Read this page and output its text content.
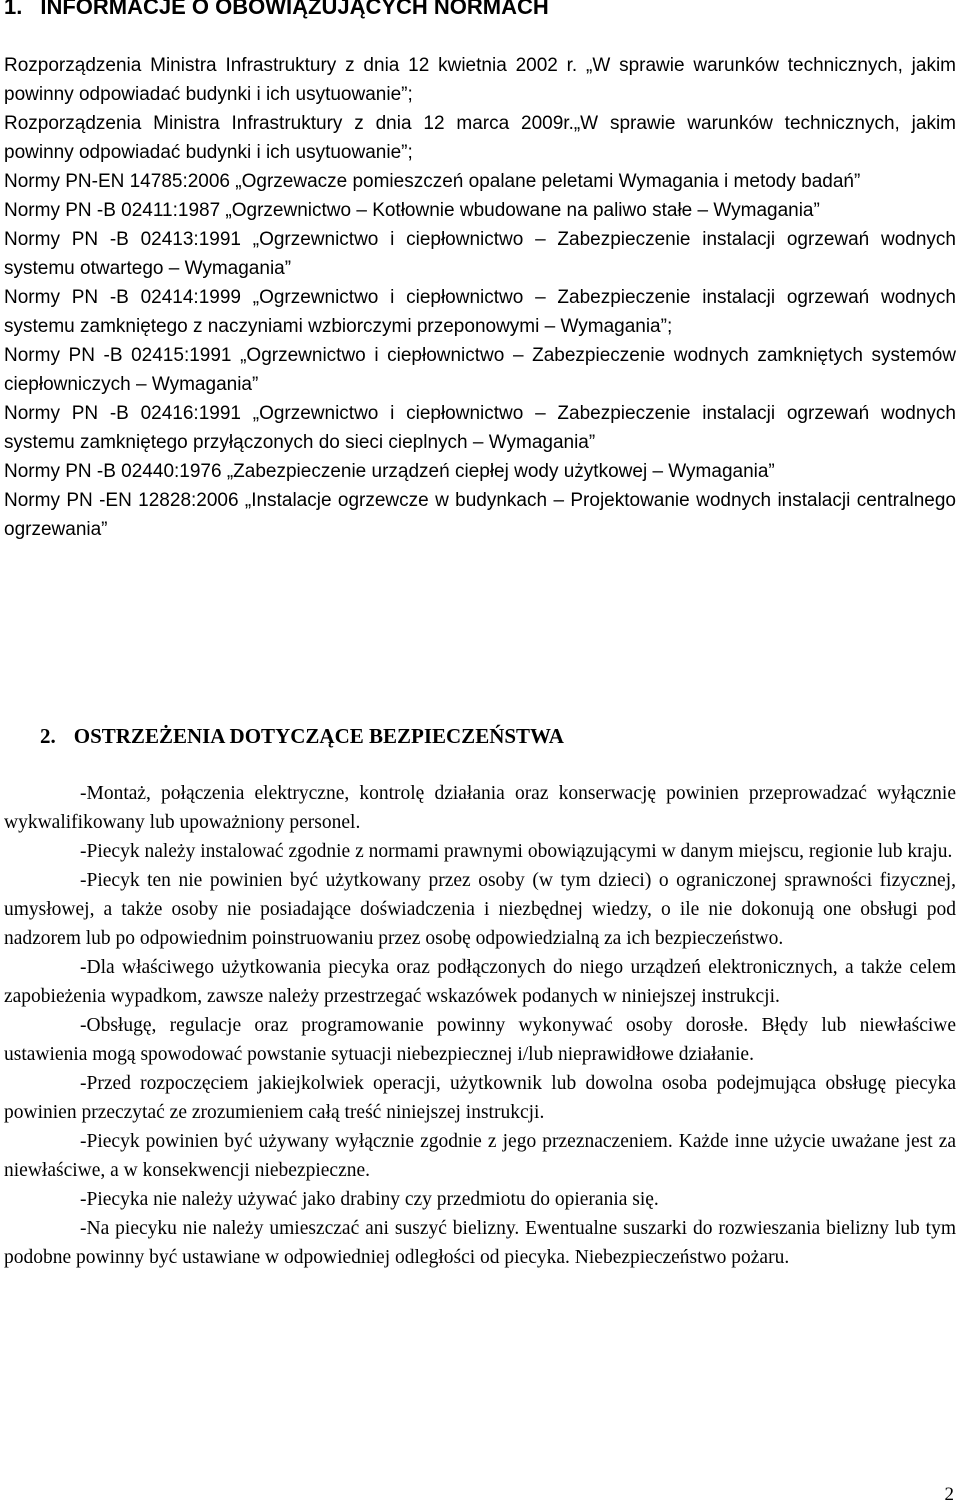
1. INFORMACJE O OBOWIĄZUJĄCYCH NORMACH
Rozporządzenia Ministra Infrastruktury z dnia 12 kwietnia 2002 r. „W sprawie warunków technicznych, jakim powinny odpowiadać budynki i ich usytuowanie”;
Rozporządzenia Ministra Infrastruktury z dnia 12 marca 2009r.„W sprawie warunków technicznych, jakim powinny odpowiadać budynki i ich usytuowanie”;
Normy PN-EN 14785:2006 „Ogrzewacze pomieszczeń opalane peletami Wymagania i metody badań”
Normy PN -B 02411:1987 „Ogrzewnictwo – Kotłownie wbudowane na paliwo stałe – Wymagania”
Normy PN -B 02413:1991 „Ogrzewnictwo i ciepłownictwo – Zabezpieczenie instalacji ogrzewań wodnych systemu otwartego – Wymagania”
Normy PN -B 02414:1999 „Ogrzewnictwo i ciepłownictwo – Zabezpieczenie instalacji ogrzewań wodnych systemu zamkniętego z naczyniami wzbiorczymi przeponowymi – Wymagania”;
Normy PN -B 02415:1991 „Ogrzewnictwo i ciepłownictwo – Zabezpieczenie wodnych zamkniętych systemów ciepłowniczych – Wymagania”
Normy PN -B 02416:1991 „Ogrzewnictwo i ciepłownictwo – Zabezpieczenie instalacji ogrzewań wodnych systemu zamkniętego przyłączonych do sieci cieplnych – Wymagania”
Normy PN -B 02440:1976 „Zabezpieczenie urządzeń ciepłej wody użytkowej – Wymagania”
Normy PN -EN 12828:2006 „Instalacje ogrzewcze w budynkach – Projektowanie wodnych instalacji centralnego ogrzewania”
2. OSTRZEŻENIA DOTYCZĄCE BEZPIECZEŃSTWA
-Montaż, połączenia elektryczne, kontrolę działania oraz konserwację powinien przeprowadzać wyłącznie wykwalifikowany lub upoważniony personel.
-Piecyk należy instalować zgodnie z normami prawnymi obowiązującymi w danym miejscu, regionie lub kraju.
-Piecyk ten nie powinien być użytkowany przez osoby (w tym dzieci) o ograniczonej sprawności fizycznej, umysłowej, a także osoby nie posiadające doświadczenia i niezbędnej wiedzy, o ile nie dokonują one obsługi pod nadzorem lub po odpowiednim poinstruowaniu przez osobę odpowiedzialną za ich bezpieczeństwo.
-Dla właściwego użytkowania piecyka oraz podłączonych do niego urządzeń elektronicznych, a także celem zapobieżenia wypadkom, zawsze należy przestrzegać wskazówek podanych w niniejszej instrukcji.
-Obsługę, regulacje oraz programowanie powinny wykonywać osoby dorosłe. Błędy lub niewłaściwe ustawienia mogą spowodować powstanie sytuacji niebezpiecznej i/lub nieprawidłowe działanie.
-Przed rozpoczęciem jakiejkolwiek operacji, użytkownik lub dowolna osoba podejmująca obsługę piecyka powinien przeczytać ze zrozumieniem całą treść niniejszej instrukcji.
-Piecyk powinien być używany wyłącznie zgodnie z jego przeznaczeniem. Każde inne użycie uważane jest za niewłaściwe, a w konsekwencji niebezpieczne.
-Piecyka nie należy używać jako drabiny czy przedmiotu do opierania się.
-Na piecyku nie należy umieszczać ani suszyć bielizny. Ewentualne suszarki do rozwieszania bielizny lub tym podobne powinny być ustawiane w odpowiedniej odległości od piecyka. Niebezpieczeństwo pożaru.
2
